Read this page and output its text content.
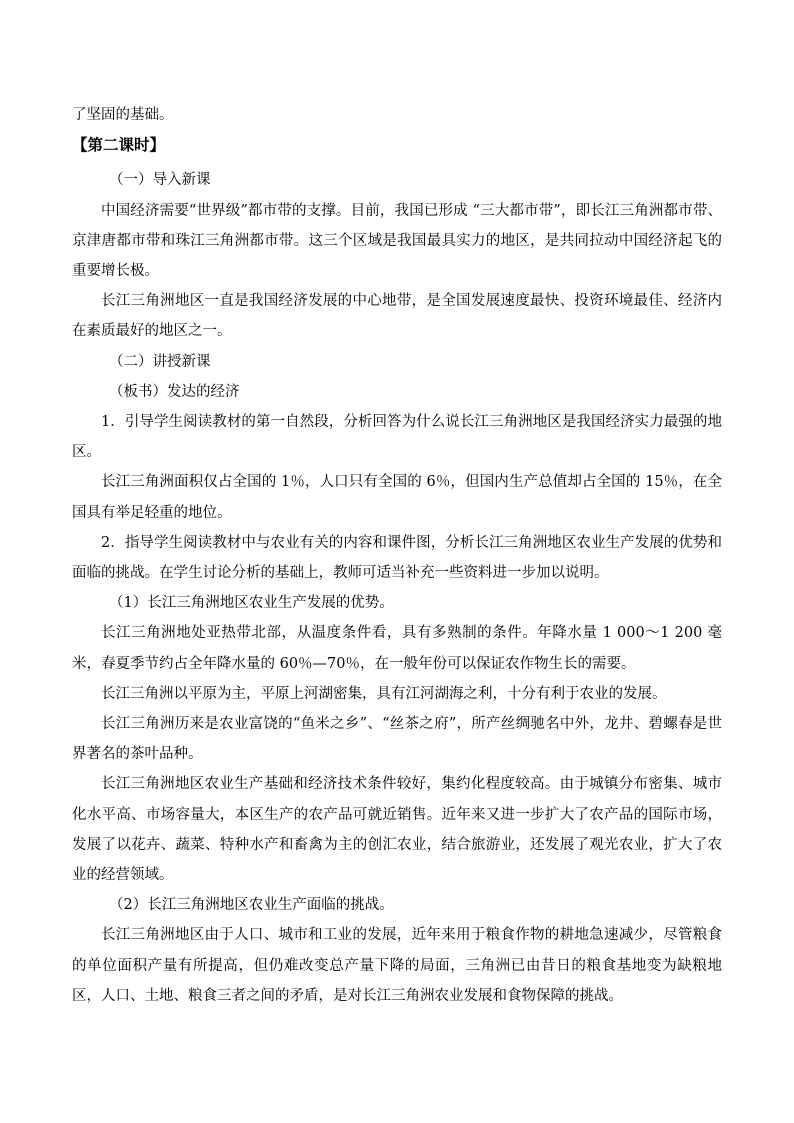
了坚固的基础。
【第二课时】
（一）导入新课

中国经济需要“世界级”都市带的支撑。目前，我国已形成 “三大都市带”，即长江三角洲都市带、京津唐都市带和珠江三角洲都市带。这三个区域是我国最具实力的地区，是共同拉动中国经济起飞的重要增长极。

长江三角洲地区一直是我国经济发展的中心地带，是全国发展速度最快、投资环境最佳、经济内在素质最好的地区之一。

（二）讲授新课
（板书）发达的经济

1．引导学生阅读教材的第一自然段，分析回答为什么说长江三角洲地区是我国经济实力最强的地区。

长江三角洲面积仅占全国的 1％，人口只有全国的 6％，但国内生产总值却占全国的 15％，在全国具有举足轻重的地位。

2．指导学生阅读教材中与农业有关的内容和课件图，分析长江三角洲地区农业生产发展的优势和面临的挑战。在学生讨论分析的基础上，教师可适当补充一些资料进一步加以说明。

（1）长江三角洲地区农业生产发展的优势。

长江三角洲地处亚热带北部，从温度条件看，具有多熟制的条件。年降水量 1 000～1 200 毫米，春夏季节约占全年降水量的 60％—70％，在一般年份可以保证农作物生长的需要。

长江三角洲以平原为主，平原上河湖密集，具有江河湖海之利，十分有利于农业的发展。

长江三角洲历来是农业富饶的“鱼米之乡”、“丝茶之府”，所产丝绸驰名中外，龙井、碧螺春是世界著名的茶叶品种。

长江三角洲地区农业生产基础和经济技术条件较好，集约化程度较高。由于城镇分布密集、城市化水平高、市场容量大，本区生产的农产品可就近销售。近年来又进一步扩大了农产品的国际市场，发展了以花卉、蔬菜、特种水产和畜禽为主的创汇农业，结合旅游业，还发展了观光农业，扩大了农业的经营领域。

（2）长江三角洲地区农业生产面临的挑战。

长江三角洲地区由于人口、城市和工业的发展，近年来用于粮食作物的耕地急速减少，尽管粮食的单位面积产量有所提高，但仍难改变总产量下降的局面，三角洲已由昔日的粮食基地变为缺粮地区，人口、土地、粮食三者之间的矛盾，是对长江三角洲农业发展和食物保障的挑战。
